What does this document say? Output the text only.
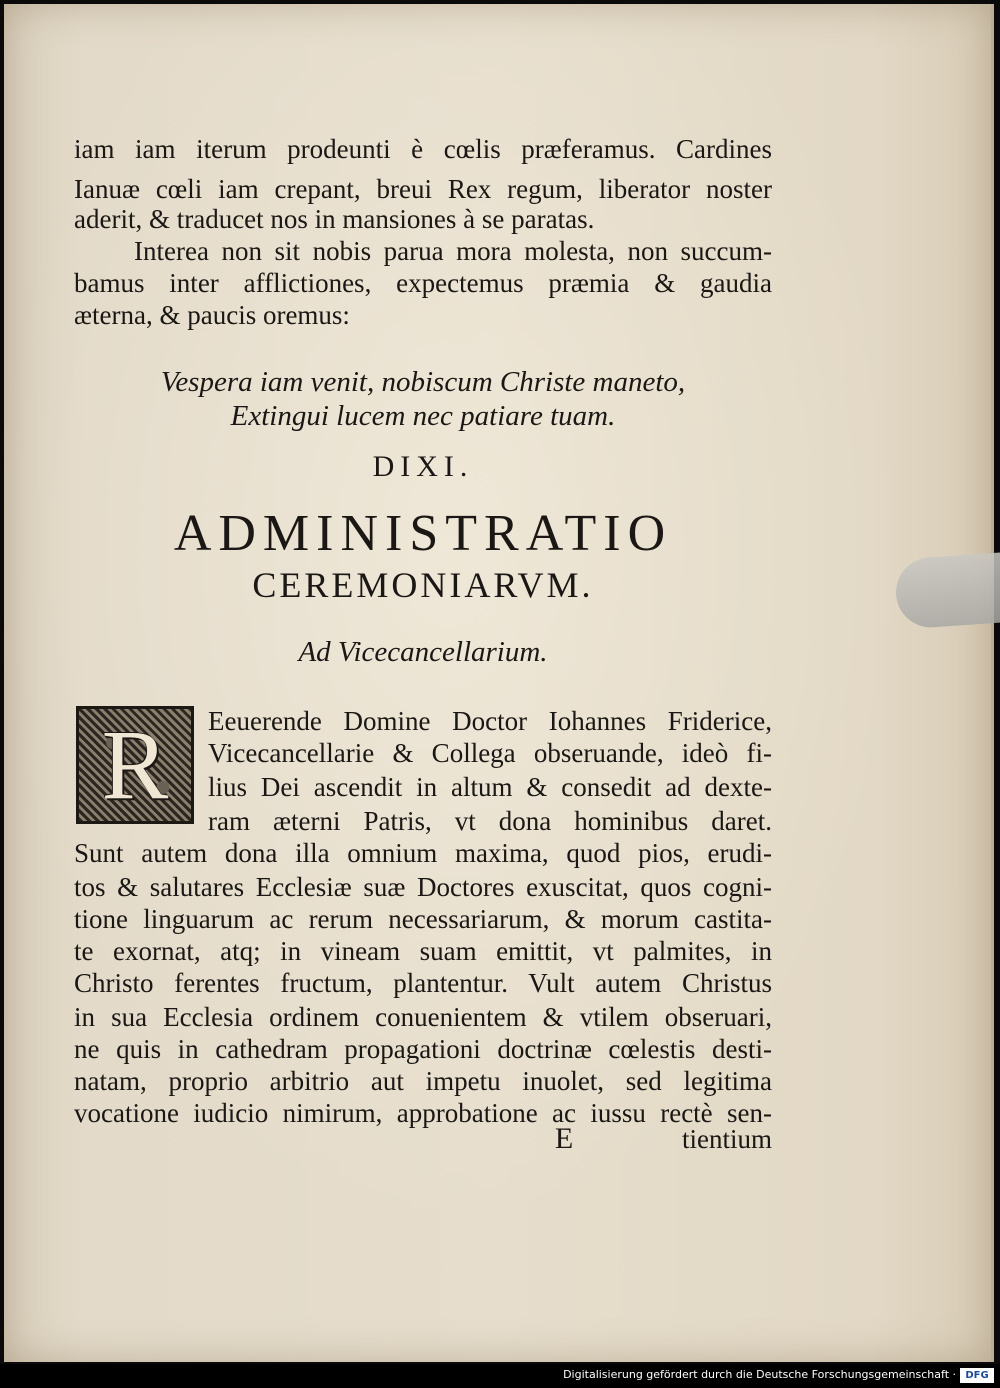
iam iam iterum prodeunti è cœlis præferamus. Cardines
Ianuæ cœli iam crepant, breui Rex regum, liberator noster
aderit, & traducet nos in mansiones à se paratas.
Interea non sit nobis parua mora molesta, non succum-
bamus inter afflictiones, expectemus præmia & gaudia
æterna, & paucis oremus:
Vespera iam venit, nobiscum Christe maneto,
Extingui lucem nec patiare tuam.
DIXI.
ADMINISTRATIO
CEREMONIARVM.
Ad Vicecancellarium.
R	Eeuerende Domine Doctor Iohannes Friderice,
Vicecancellarie & Collega obseruande, ideò fi-
lius Dei ascendit in altum & consedit ad dexte-
ram æterni Patris, vt dona hominibus daret.
Sunt autem dona illa omnium maxima, quod pios, erudi-
tos & salutares Ecclesiæ suæ Doctores exuscitat, quos cogni-
tione linguarum ac rerum necessariarum, & morum castita-
te exornat, atq; in vineam suam emittit, vt palmites, in
Christo ferentes fructum, plantentur. Vult autem Christus
in sua Ecclesia ordinem conuenientem & vtilem obseruari,
ne quis in cathedram propagationi doctrinæ cœlestis desti-
natam, proprio arbitrio aut impetu inuolet, sed legitima
vocatione iudicio nimirum, approbatione ac iussu rectè sen-
E	tientium
Digitalisierung gefördert durch die Deutsche Forschungsgemeinschaft · DFG
